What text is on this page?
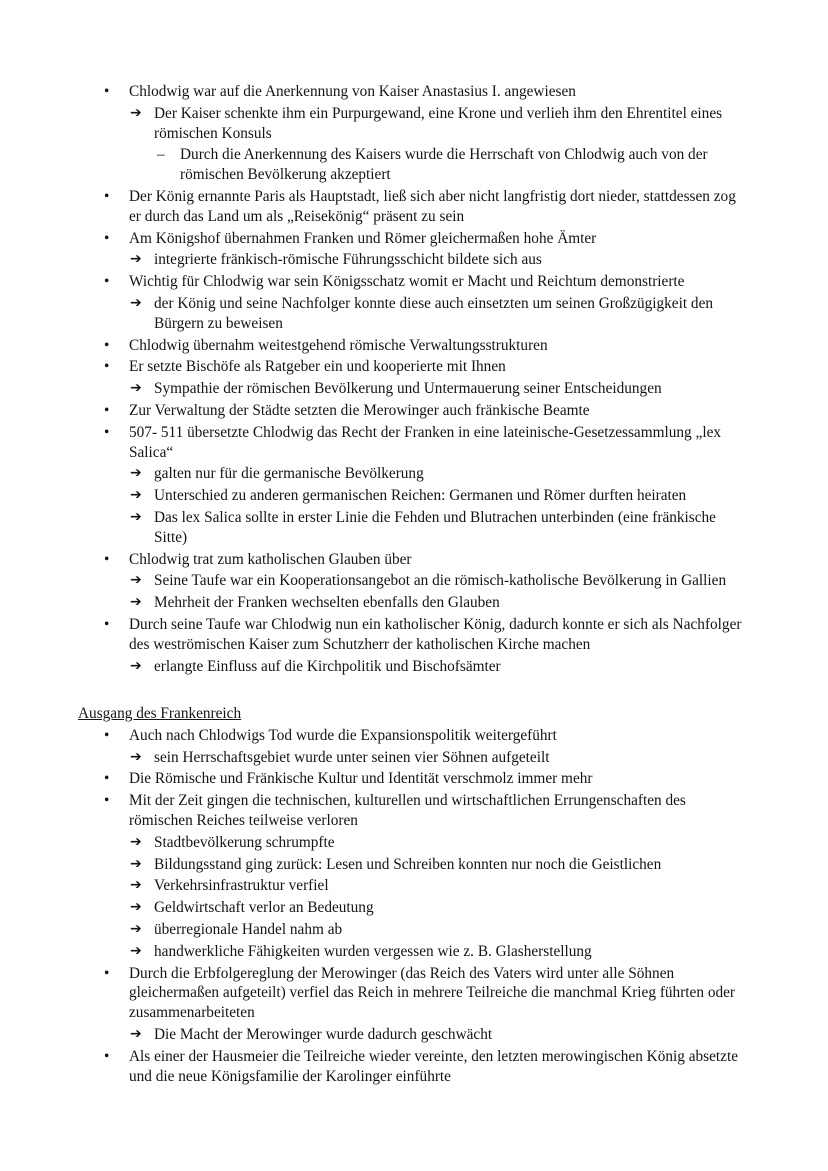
• Chlodwig war auf die Anerkennung von Kaiser Anastasius I. angewiesen
➔ Der Kaiser schenkte ihm ein Purpurgewand, eine Krone und verlieh ihm den Ehrentitel eines römischen Konsuls
– Durch die Anerkennung des Kaisers wurde die Herrschaft von Chlodwig auch von der römischen Bevölkerung akzeptiert
• Der König ernannte Paris als Hauptstadt, ließ sich aber nicht langfristig dort nieder, stattdessen zog er durch das Land um als „Reisekönig“ präsent zu sein
• Am Königshof übernahmen Franken und Römer gleichermaßen hohe Ämter
➔ integrierte fränkisch-römische Führungsschicht bildete sich aus
• Wichtig für Chlodwig war sein Königsschatz womit er Macht und Reichtum demonstrierte
➔ der König und seine Nachfolger konnte diese auch einsetzten um seinen Großzügigkeit den Bürgern zu beweisen
• Chlodwig übernahm weitestgehend römische Verwaltungsstrukturen
• Er setzte Bischöfe als Ratgeber ein und kooperierte mit Ihnen
➔ Sympathie der römischen Bevölkerung und Untermauerung seiner Entscheidungen
• Zur Verwaltung der Städte setzten die Merowinger auch fränkische Beamte
• 507- 511 übersetzte Chlodwig das Recht der Franken in eine lateinische-Gesetzessammlung „lex Salica“
➔ galten nur für die germanische Bevölkerung
➔ Unterschied zu anderen germanischen Reichen: Germanen und Römer durften heiraten
➔ Das lex Salica sollte in erster Linie die Fehden und Blutrachen unterbinden (eine fränkische Sitte)
• Chlodwig trat zum katholischen Glauben über
➔ Seine Taufe war ein Kooperationsangebot an die römisch-katholische Bevölkerung in Gallien
➔ Mehrheit der Franken wechselten ebenfalls den Glauben
• Durch seine Taufe war Chlodwig nun ein katholischer König, dadurch konnte er sich als Nachfolger des weströmischen Kaiser zum Schutzherr der katholischen Kirche machen
➔ erlangte Einfluss auf die Kirchpolitik und Bischofsämter
Ausgang des Frankenreich
• Auch nach Chlodwigs Tod wurde die Expansionspolitik weitergeführt
➔ sein Herrschaftsgebiet wurde unter seinen vier Söhnen aufgeteilt
• Die Römische und Fränkische Kultur und Identität verschmolz immer mehr
• Mit der Zeit gingen die technischen, kulturellen und wirtschaftlichen Errungenschaften des römischen Reiches teilweise verloren
➔ Stadtbevölkerung schrumpfte
➔ Bildungsstand ging zurück: Lesen und Schreiben konnten nur noch die Geistlichen
➔ Verkehrsinfrastruktur verfiel
➔ Geldwirtschaft verlor an Bedeutung
➔ überregionale Handel nahm ab
➔ handwerkliche Fähigkeiten wurden vergessen wie z. B. Glasherstellung
• Durch die Erbfolgereglung der Merowinger (das Reich des Vaters wird unter alle Söhnen gleichermaßen aufgeteilt) verfiel das Reich in mehrere Teilreiche die manchmal Krieg führten oder zusammenarbeiteten
➔ Die Macht der Merowinger wurde dadurch geschwächt
• Als einer der Hausmeier die Teilreiche wieder vereinte, den letzten merowingischen König absetzte und die neue Königsfamilie der Karolinger einführte
